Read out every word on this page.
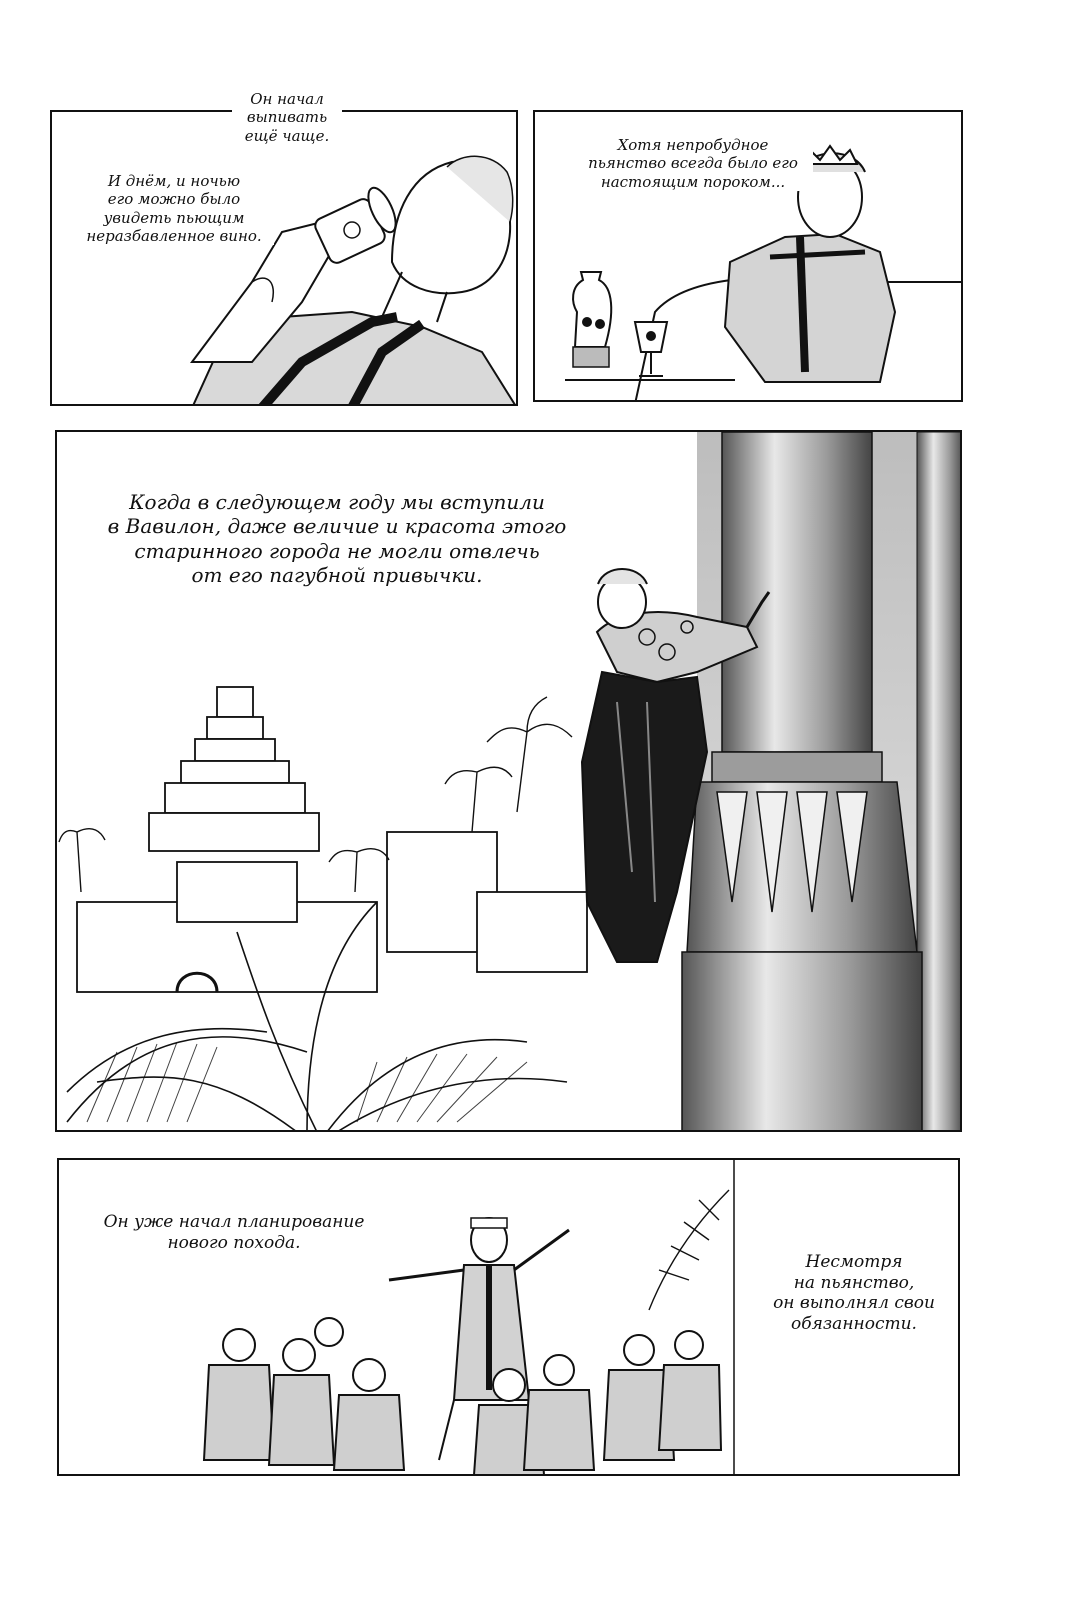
И днём, и ночью
его можно было
увидеть пьющим
неразбавленное вино.
Он начал
выпивать
ещё чаще.
Хотя непробудное
пьянство всегда было его
настоящим пороком...
Когда в следующем году мы вступили
в Вавилон, даже величие и красота этого
старинного города не могли отвлечь
от его пагубной привычки.
Он уже начал планирование
нового похода.
Несмотря
на пьянство,
он выполнял свои
обязанности.
